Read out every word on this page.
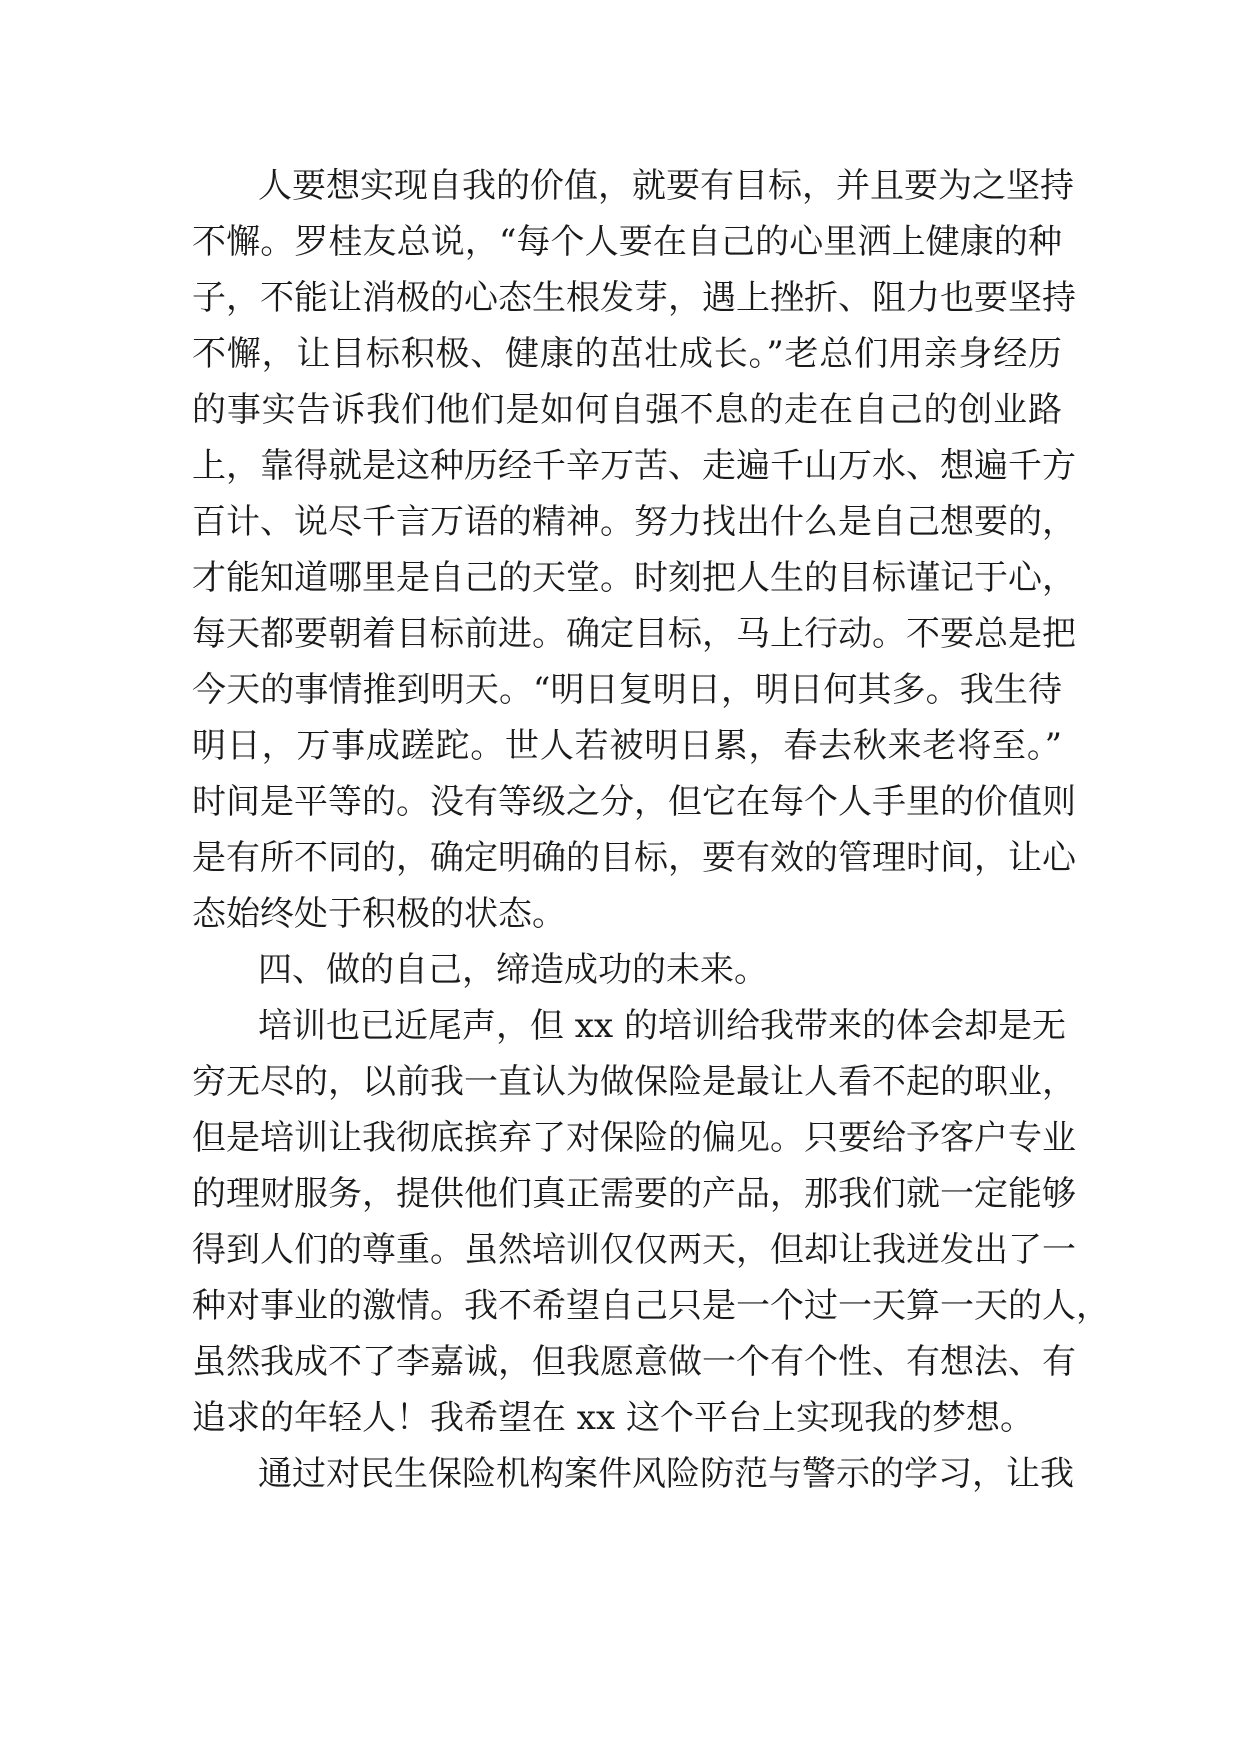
人要想实现自我的价值，就要有目标，并且要为之坚持
不懈。罗桂友总说，“每个人要在自己的心里洒上健康的种
子，不能让消极的心态生根发芽，遇上挫折、阻力也要坚持
不懈，让目标积极、健康的茁壮成长。”老总们用亲身经历
的事实告诉我们他们是如何自强不息的走在自己的创业路
上，靠得就是这种历经千辛万苦、走遍千山万水、想遍千方
百计、说尽千言万语的精神。努力找出什么是自己想要的，
才能知道哪里是自己的天堂。时刻把人生的目标谨记于心，
每天都要朝着目标前进。确定目标，马上行动。不要总是把
今天的事情推到明天。“明日复明日，明日何其多。我生待
明日，万事成蹉跎。世人若被明日累，春去秋来老将至。”
时间是平等的。没有等级之分，但它在每个人手里的价值则
是有所不同的，确定明确的目标，要有效的管理时间，让心
态始终处于积极的状态。
四、做的自己，缔造成功的未来。
培训也已近尾声，但 xx 的培训给我带来的体会却是无
穷无尽的，以前我一直认为做保险是最让人看不起的职业，
但是培训让我彻底摈弃了对保险的偏见。只要给予客户专业
的理财服务，提供他们真正需要的产品，那我们就一定能够
得到人们的尊重。虽然培训仅仅两天，但却让我迸发出了一
种对事业的激情。我不希望自己只是一个过一天算一天的人，
虽然我成不了李嘉诚，但我愿意做一个有个性、有想法、有
追求的年轻人！我希望在 xx 这个平台上实现我的梦想。
通过对民生保险机构案件风险防范与警示的学习，让我
